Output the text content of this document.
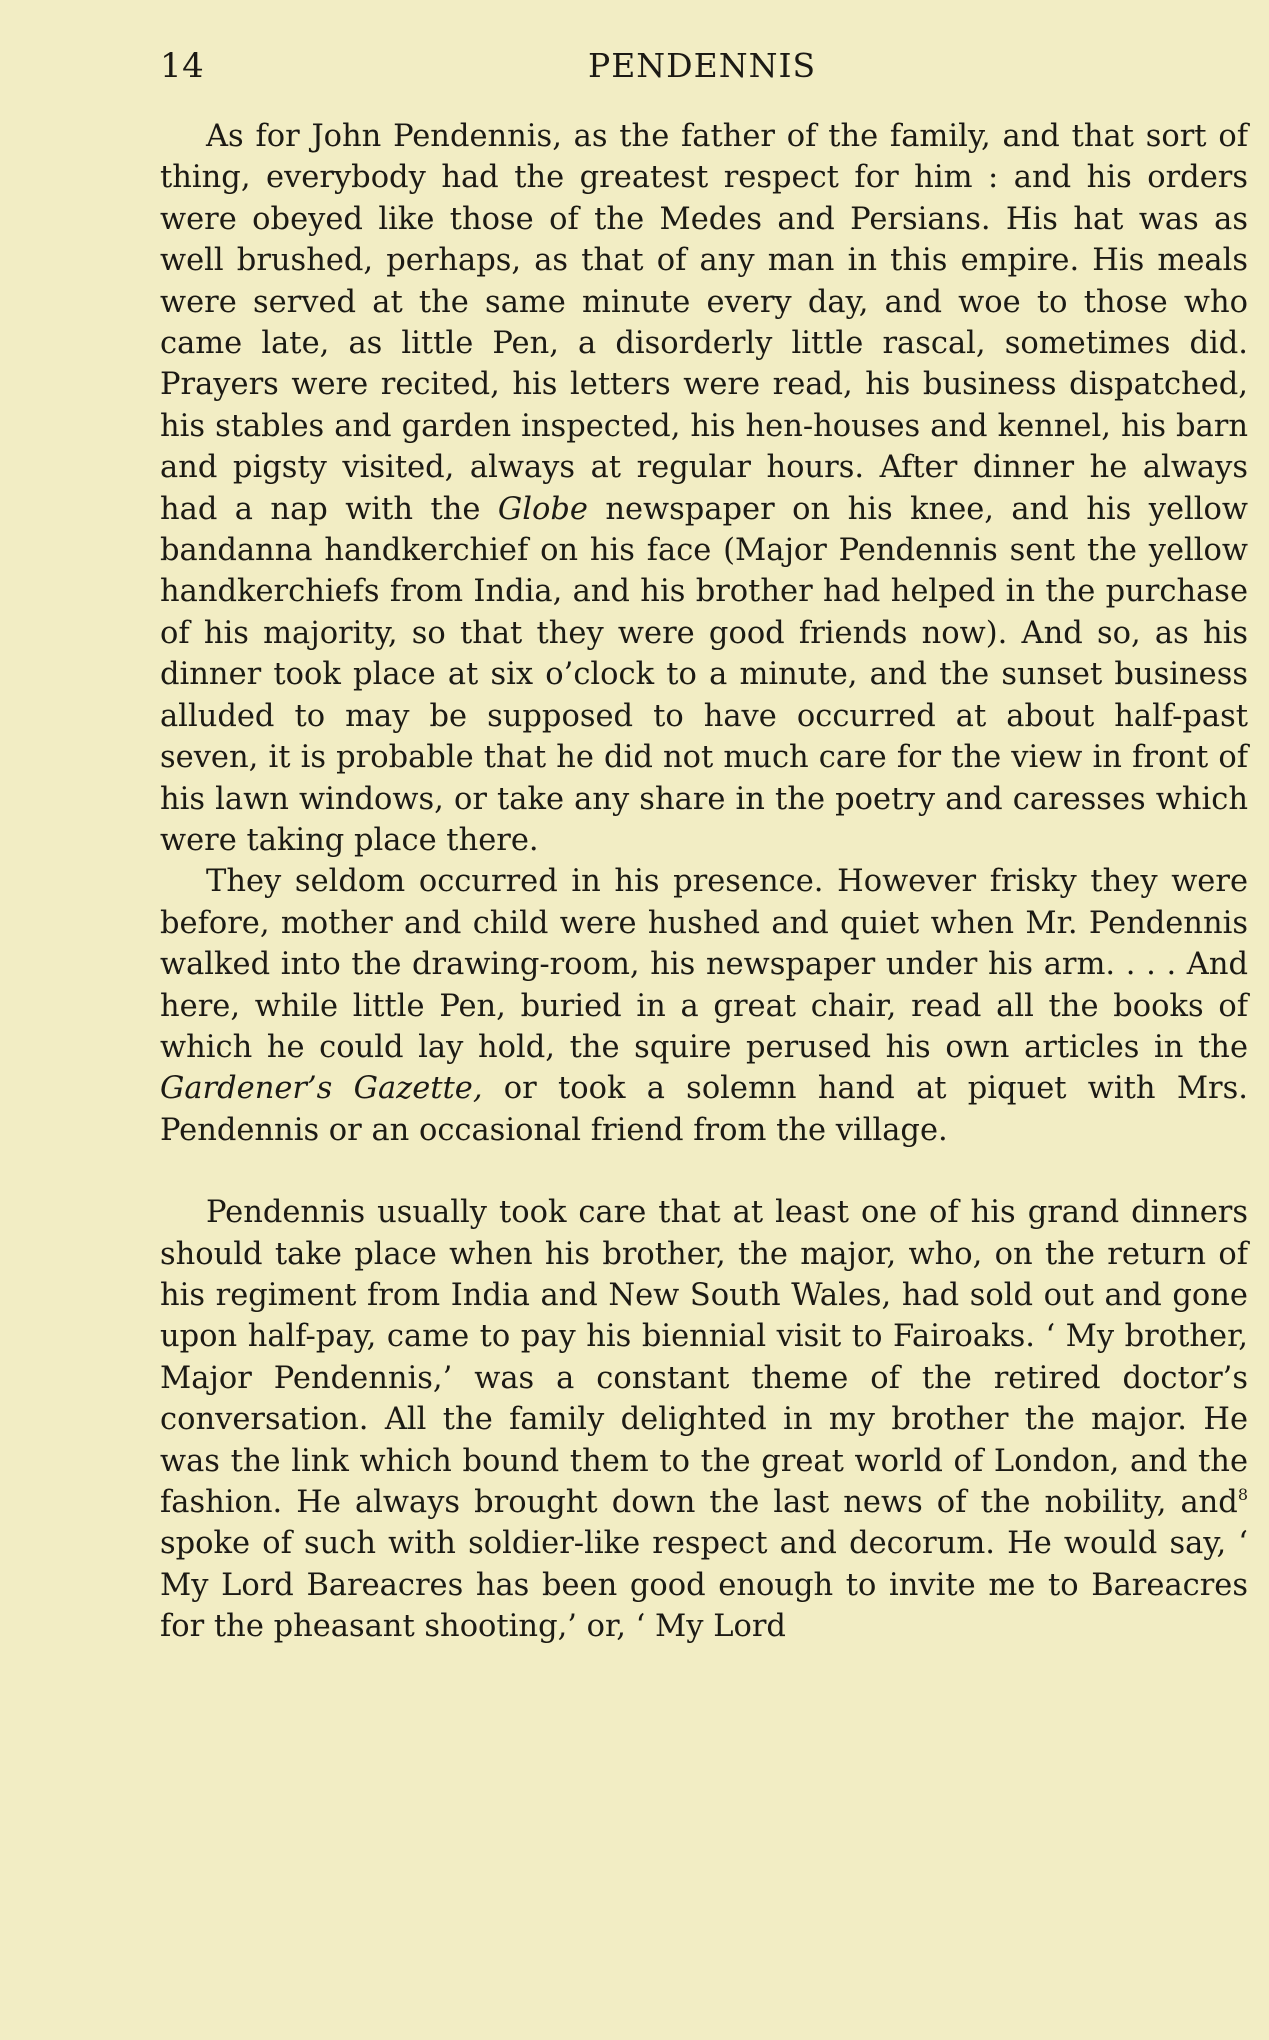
14	PENDENNIS

As for John Pendennis, as the father of the family, and that sort of thing, everybody had the greatest respect for him : and his orders were obeyed like those of the Medes and Persians. His hat was as well brushed, perhaps, as that of any man in this empire. His meals were served at the same minute every day, and woe to those who came late, as little Pen, a disorderly little rascal, sometimes did. Prayers were recited, his letters were read, his business dispatched, his stables and garden inspected, his hen-houses and kennel, his barn and pigsty visited, always at regular hours. After dinner he always had a nap with the Globe newspaper on his knee, and his yellow bandanna handkerchief on his face (Major Pendennis sent the yellow handkerchiefs from India, and his brother had helped in the purchase of his majority, so that they were good friends now). And so, as his dinner took place at six o’clock to a minute, and the sunset business alluded to may be supposed to have occurred at about half-past seven, it is probable that he did not much care for the view in front of his lawn windows, or take any share in the poetry and caresses which were taking place there.

They seldom occurred in his presence. However frisky they were before, mother and child were hushed and quiet when Mr. Pendennis walked into the drawing-room, his newspaper under his arm. . . . And here, while little Pen, buried in a great chair, read all the books of which he could lay hold, the squire perused his own articles in the Gardener’s Gazette, or took a solemn hand at piquet with Mrs. Pendennis or an occasional friend from the village.

Pendennis usually took care that at least one of his grand dinners should take place when his brother, the major, who, on the return of his regiment from India and New South Wales, had sold out and gone upon half-pay, came to pay his biennial visit to Fairoaks. ‘ My brother, Major Pendennis,’ was a constant theme of the retired doctor’s conversation. All the family delighted in my brother the major. He was the link which bound them to the great world of London, and the fashion. He always brought down the last news of the nobility, and$^8$ spoke of such with soldier-like respect and decorum. He would say, ‘ My Lord Bareacres has been good enough to invite me to Bareacres for the pheasant shooting,’ or, ‘ My Lord
